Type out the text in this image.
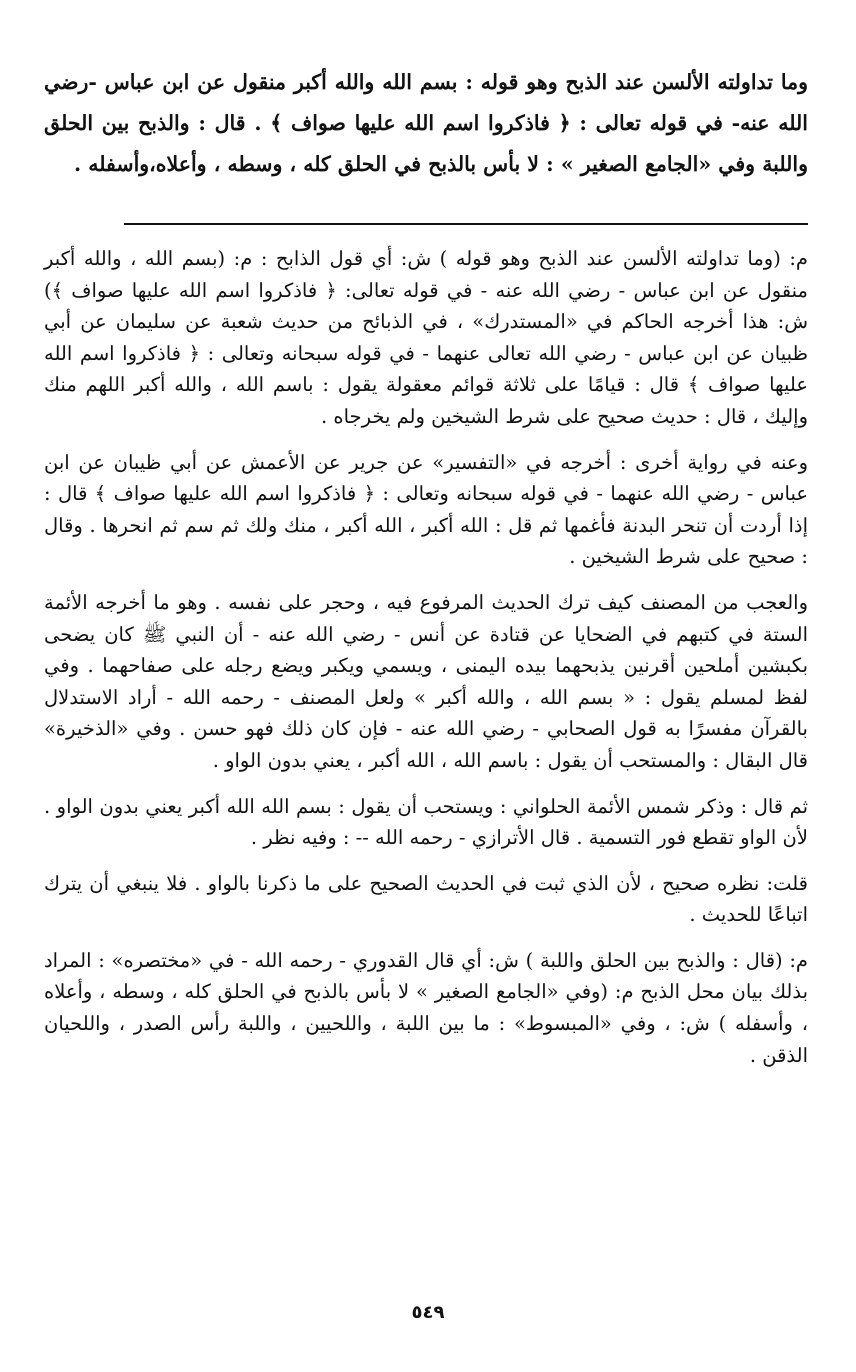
وما تداولته الألسن عند الذبح وهو قوله : بسم الله والله أكبر منقول عن ابن عباس -رضي الله عنه- في قوله تعالى : ﴿ فاذكروا اسم الله عليها صواف ﴾ . قال : والذبح بين الحلق واللبة وفي «الجامع الصغير » : لا بأس بالذبح في الحلق كله ، وسطه ، وأعلاه،وأسفله .

م: (وما تداولته الألسن عند الذبح وهو قوله ) ش: أي قول الذابح : م: (بسم الله ، والله أكبر منقول عن ابن عباس - رضي الله عنه - في قوله تعالى: ﴿ فاذكروا اسم الله عليها صواف ﴾) ش: هذا أخرجه الحاكم في «المستدرك» ، في الذبائح من حديث شعبة عن سليمان عن أبي ظبيان عن ابن عباس - رضي الله تعالى عنهما - في قوله سبحانه وتعالى : ﴿ فاذكروا اسم الله عليها صواف ﴾ قال : قيامًا على ثلاثة قوائم معقولة يقول : باسم الله ، والله أكبر اللهم منك وإليك ، قال : حديث صحيح على شرط الشيخين ولم يخرجاه .

وعنه في رواية أخرى : أخرجه في «التفسير» عن جرير عن الأعمش عن أبي ظيبان عن ابن عباس - رضي الله عنهما - في قوله سبحانه وتعالى : ﴿ فاذكروا اسم الله عليها صواف ﴾ قال : إذا أردت أن تنحر البدنة فأغمها ثم قل : الله أكبر ، الله أكبر ، منك ولك ثم سم ثم انحرها . وقال : صحيح على شرط الشيخين .

والعجب من المصنف كيف ترك الحديث المرفوع فيه ، وحجر على نفسه . وهو ما أخرجه الأئمة الستة في كتبهم في الضحايا عن قتادة عن أنس - رضي الله عنه - أن النبي ﷺ كان يضحى بكبشين أملحين أقرنين يذبحهما بيده اليمنى ، ويسمي ويكبر ويضع رجله على صفاحهما . وفي لفظ لمسلم يقول : « بسم الله ، والله أكبر » ولعل المصنف - رحمه الله - أراد الاستدلال بالقرآن مفسرًا به قول الصحابي - رضي الله عنه - فإن كان ذلك فهو حسن . وفي «الذخيرة» قال البقال : والمستحب أن يقول : باسم الله ، الله أكبر ، يعني بدون الواو .

ثم قال : وذكر شمس الأئمة الحلواني : ويستحب أن يقول : بسم الله الله أكبر يعني بدون الواو . لأن الواو تقطع فور التسمية . قال الأترازي - رحمه الله -- : وفيه نظر .

قلت: نظره صحيح ، لأن الذي ثبت في الحديث الصحيح على ما ذكرنا بالواو . فلا ينبغي أن يترك اتباعًا للحديث .

م: (قال : والذبح بين الحلق واللبة ) ش: أي قال القدوري - رحمه الله - في «مختصره» : المراد بذلك بيان محل الذبح م: (وفي «الجامع الصغير » لا بأس بالذبح في الحلق كله ، وسطه ، وأعلاه ، وأسفله ) ش: ، وفي «المبسوط» : ما بين اللبة ، واللحيين ، واللبة رأس الصدر ، واللحيان الذقن .

٥٤٩
